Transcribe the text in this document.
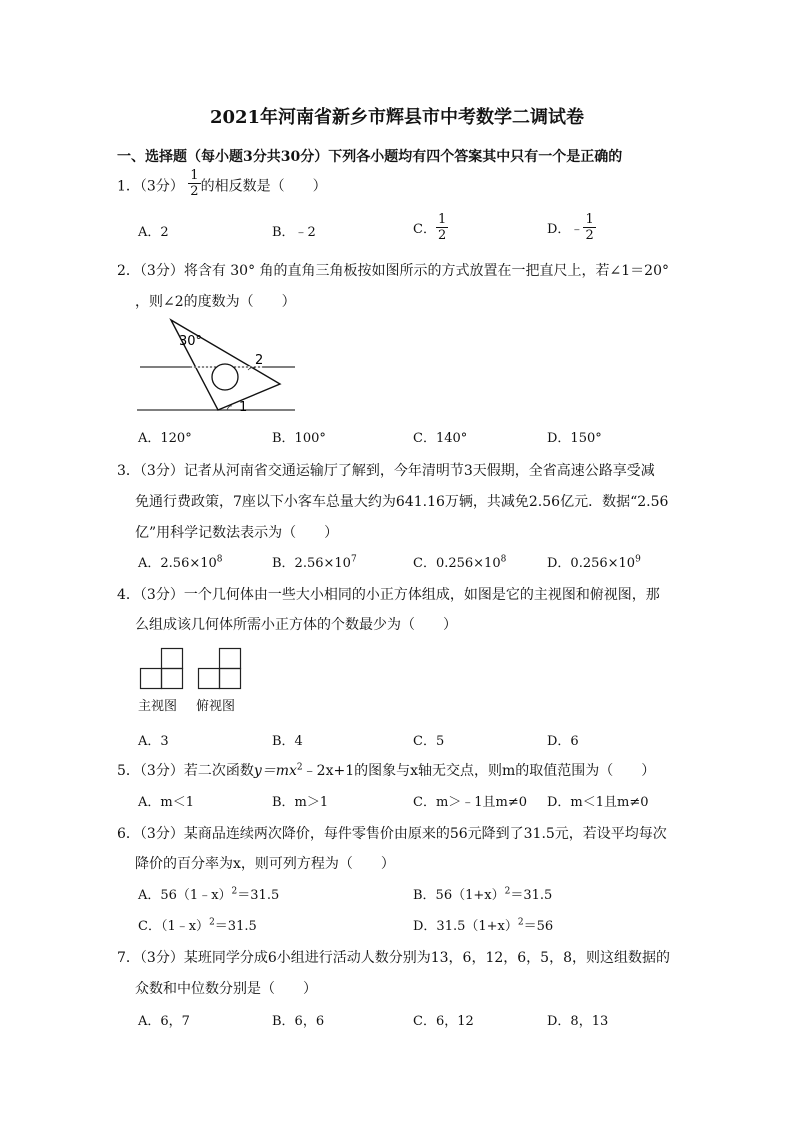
2021年河南省新乡市辉县市中考数学二调试卷
一、选择题（每小题3分共30分）下列各小题均有四个答案其中只有一个是正确的
1．（3分） $\frac{1}{2}$ 的相反数是（　　）
A．2	B．﹣2	C． $\frac{1}{2}$	D．﹣ $\frac{1}{2}$
2．（3分）将含有 30° 角的直角三角板按如图所示的方式放置在一把直尺上，若∠1＝20°
，则∠2的度数为（　　）
30°
2
1
A．120°	B．100°	C．140°	D．150°
3．（3分）记者从河南省交通运输厅了解到，今年清明节3天假期，全省高速公路享受减
免通行费政策，7座以下小客车总量大约为641.16万辆，共减免2.56亿元．数据“2.56
亿”用科学记数法表示为（　　）
A．$2.56\times 10^8$	B．$2.56\times 10^7$	C．$0.256\times 10^8$	D．$0.256\times 10^9$
4．（3分）一个几何体由一些大小相同的小正方体组成，如图是它的主视图和俯视图，那
么组成该几何体所需小正方体的个数最少为（　　）
主视图 俯视图
A．3	B．4	C．5	D．6
5．（3分）若二次函数$y=mx^2﹣2x+1$的图象与x轴无交点，则m的取值范围为（　　）
A．m＜1	B．m＞1	C．m＞﹣1且m≠0 D．m＜1且m≠0
6．（3分）某商品连续两次降价，每件零售价由原来的56元降到了31.5元，若设平均每次
降价的百分率为x，则可列方程为（　　）
A．56（1﹣x）$^2$＝31.5	B．$56(1+x)^2=31.5$
C．（1﹣x）$^2$＝31.5	D．$31.5(1+x)^2=56$
7．（3分）某班同学分成6小组进行活动人数分别为13，6，12，6，5，8，则这组数据的
众数和中位数分别是（　　）
A．6，7	B．6，6	C．6，12	D．8，13
